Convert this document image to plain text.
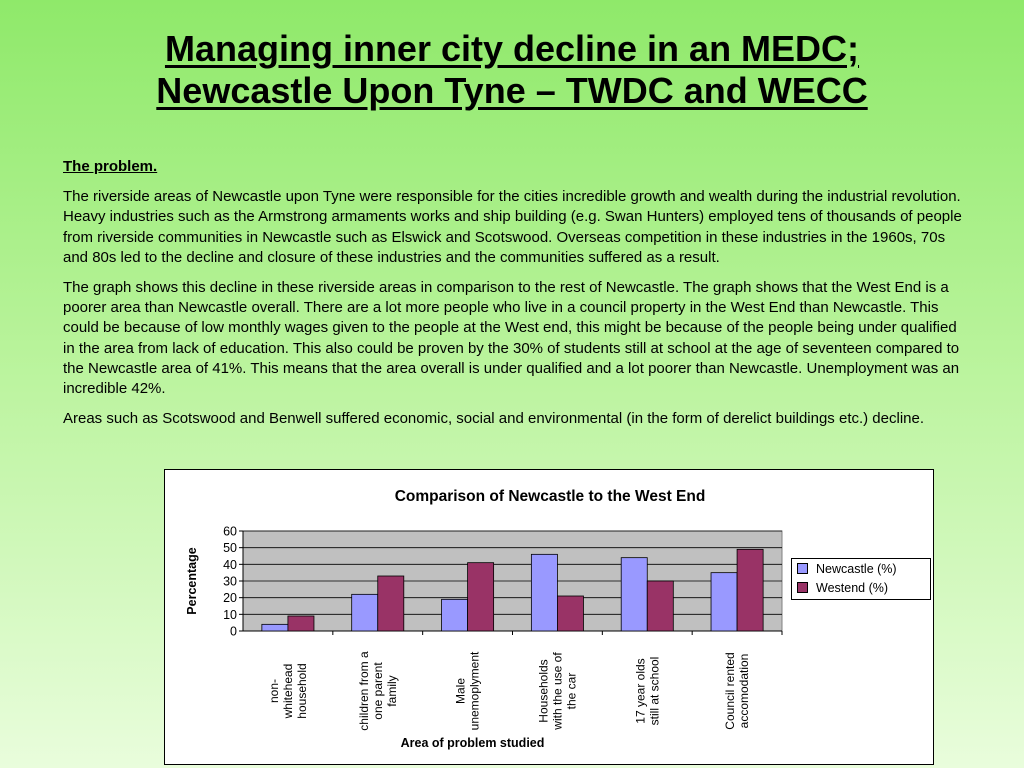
Managing inner city decline in an MEDC;
Newcastle Upon Tyne – TWDC and WECC
The problem.

The riverside areas of Newcastle upon Tyne were responsible for the cities incredible growth and wealth during the industrial revolution. Heavy industries such as the Armstrong armaments works and ship building (e.g. Swan Hunters) employed tens of thousands of people from riverside communities in Newcastle such as Elswick and Scotswood. Overseas competition in these industries in the 1960s, 70s and 80s led to the decline and closure of these industries and the communities suffered as a result.

The graph shows this decline in these riverside areas in comparison to the rest of Newcastle. The graph shows that the West End is a poorer area than Newcastle overall. There are a lot more people who live in a council property in the West End than Newcastle. This could be because of low monthly wages given to the people at the West end, this might be because of the people being under qualified in the area from lack of education. This also could be proven by the 30% of students still at school at the age of seventeen compared to the Newcastle area of 41%. This means that the area overall is under qualified and a lot poorer than Newcastle. Unemployment was an incredible 42%.

Areas such as Scotswood and Benwell suffered economic, social and environmental (in the form of derelict buildings etc.) decline.

Comparison of Newcastle to the West End
0
10
20
30
40
50
60
Percentage
non-whiteheadhousehold	children from aone parentfamily	Maleunemoplyment	Householdswith the use ofthe car	17 year oldsstill at school	Council rentedaccomodation
Area of problem studied
Newcastle (%)
Westend (%)
